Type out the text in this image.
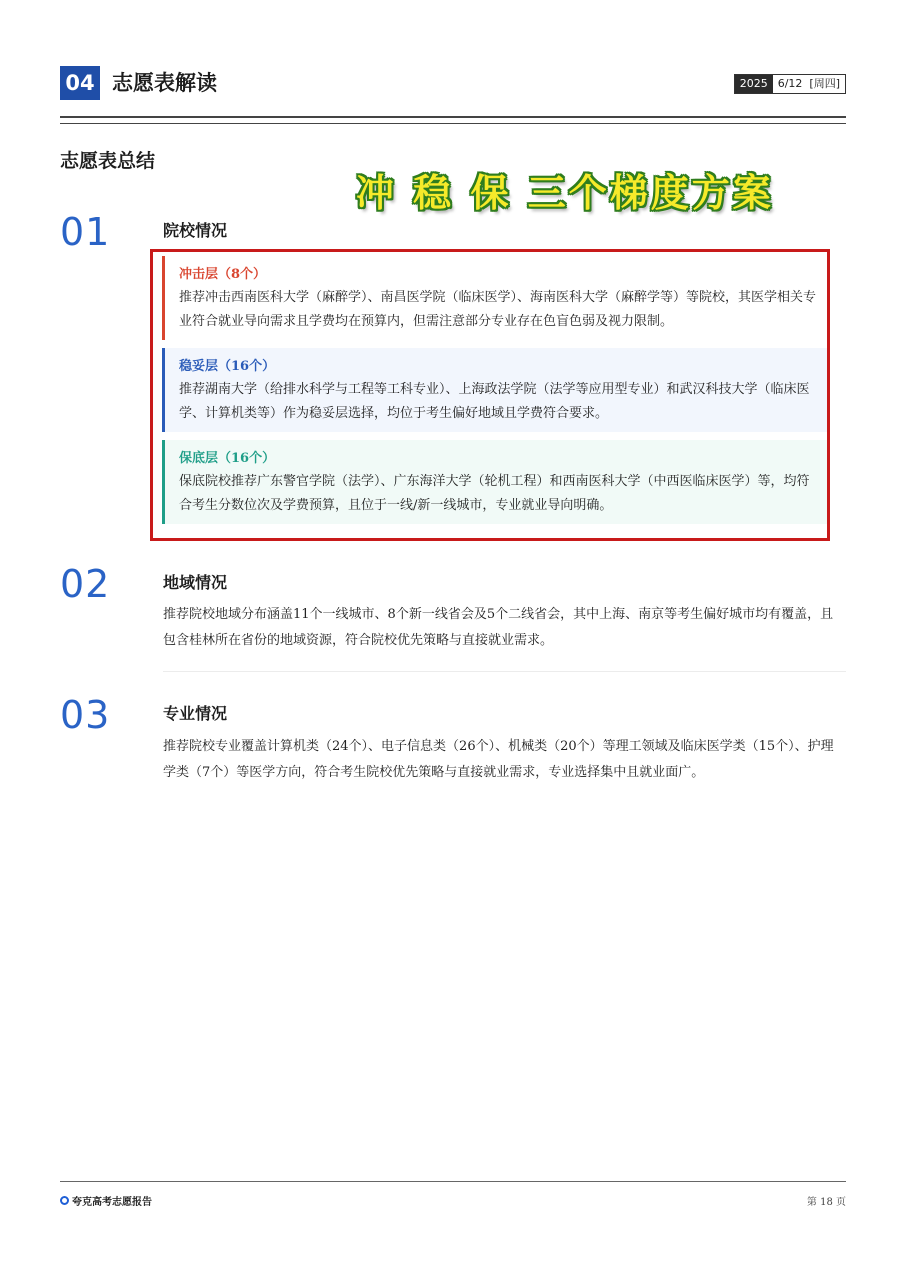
04 志愿表解读	2025 6/12 [周四]
志愿表总结
冲 稳 保 三个梯度方案
01	院校情况
冲击层（8个）
推荐冲击西南医科大学（麻醉学）、南昌医学院（临床医学）、海南医科大学（麻醉学等）等院校，其医学相关专业符合就业导向需求且学费均在预算内，但需注意部分专业存在色盲色弱及视力限制。
稳妥层（16个）
推荐湖南大学（给排水科学与工程等工科专业）、上海政法学院（法学等应用型专业）和武汉科技大学（临床医学、计算机类等）作为稳妥层选择，均位于考生偏好地域且学费符合要求。
保底层（16个）
保底院校推荐广东警官学院（法学）、广东海洋大学（轮机工程）和西南医科大学（中西医临床医学）等，均符合考生分数位次及学费预算，且位于一线/新一线城市，专业就业导向明确。
02	地域情况
推荐院校地域分布涵盖11个一线城市、8个新一线省会及5个二线省会，其中上海、南京等考生偏好城市均有覆盖，且包含桂林所在省份的地域资源，符合院校优先策略与直接就业需求。
03	专业情况
推荐院校专业覆盖计算机类（24个）、电子信息类（26个）、机械类（20个）等理工领域及临床医学类（15个）、护理学类（7个）等医学方向，符合考生院校优先策略与直接就业需求，专业选择集中且就业面广。
夸克高考志愿报告	第 18 页
